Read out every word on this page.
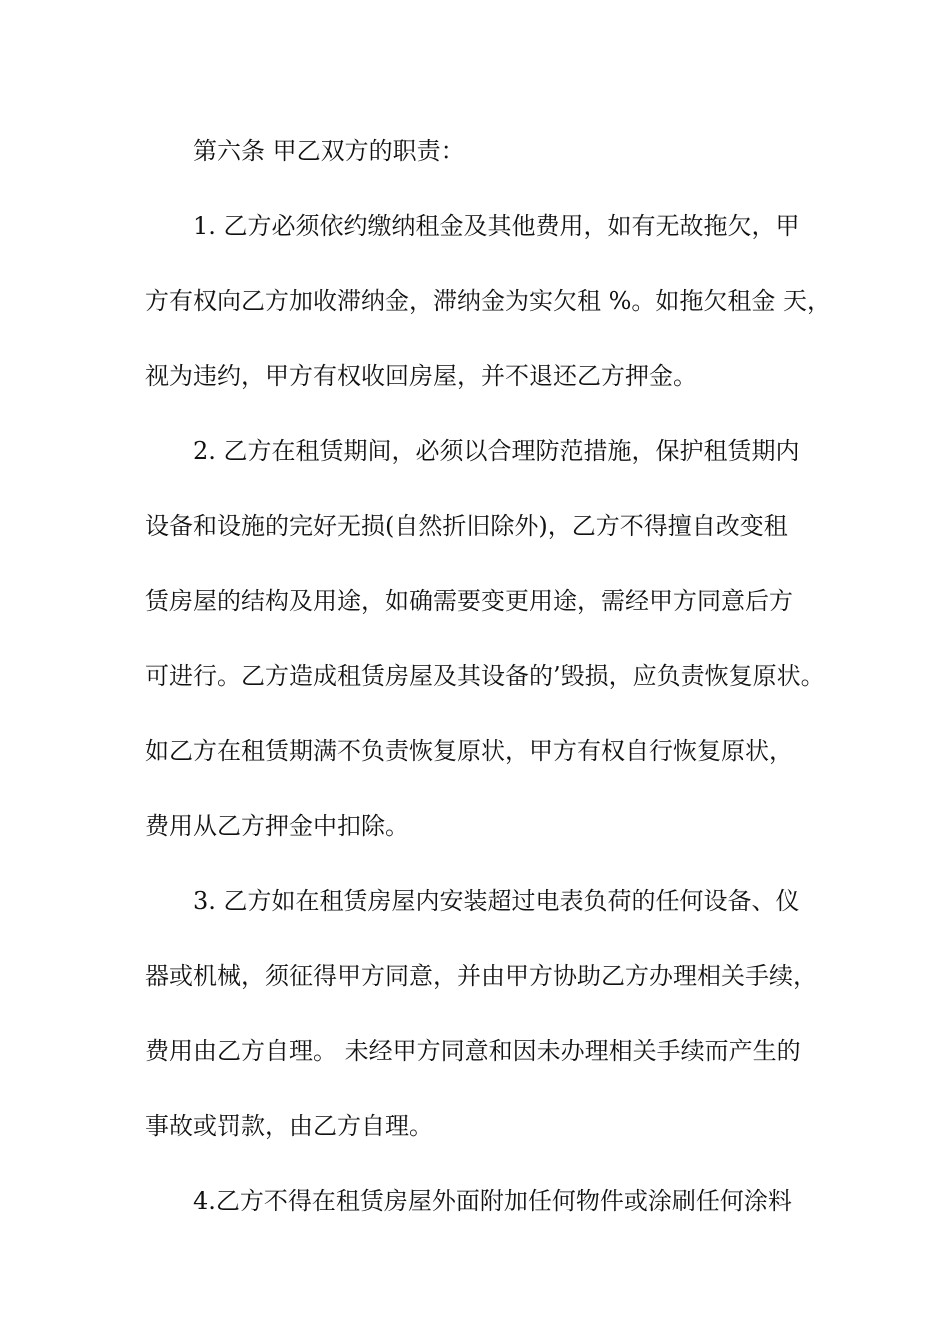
第六条 甲乙双方的职责：
1. 乙方必须依约缴纳租金及其他费用，如有无故拖欠，甲
方有权向乙方加收滞纳金，滞纳金为实欠租 %。如拖欠租金 天，
视为违约，甲方有权收回房屋，并不退还乙方押金。
2. 乙方在租赁期间，必须以合理防范措施，保护租赁期内
设备和设施的完好无损(自然折旧除外)，乙方不得擅自改变租
赁房屋的结构及用途，如确需要变更用途，需经甲方同意后方
可进行。乙方造成租赁房屋及其设备的’毁损，应负责恢复原状。
如乙方在租赁期满不负责恢复原状，甲方有权自行恢复原状，
费用从乙方押金中扣除。
3. 乙方如在租赁房屋内安装超过电表负荷的任何设备、仪
器或机械，须征得甲方同意，并由甲方协助乙方办理相关手续，
费用由乙方自理。 未经甲方同意和因未办理相关手续而产生的
事故或罚款，由乙方自理。
4.乙方不得在租赁房屋外面附加任何物件或涂刷任何涂料
